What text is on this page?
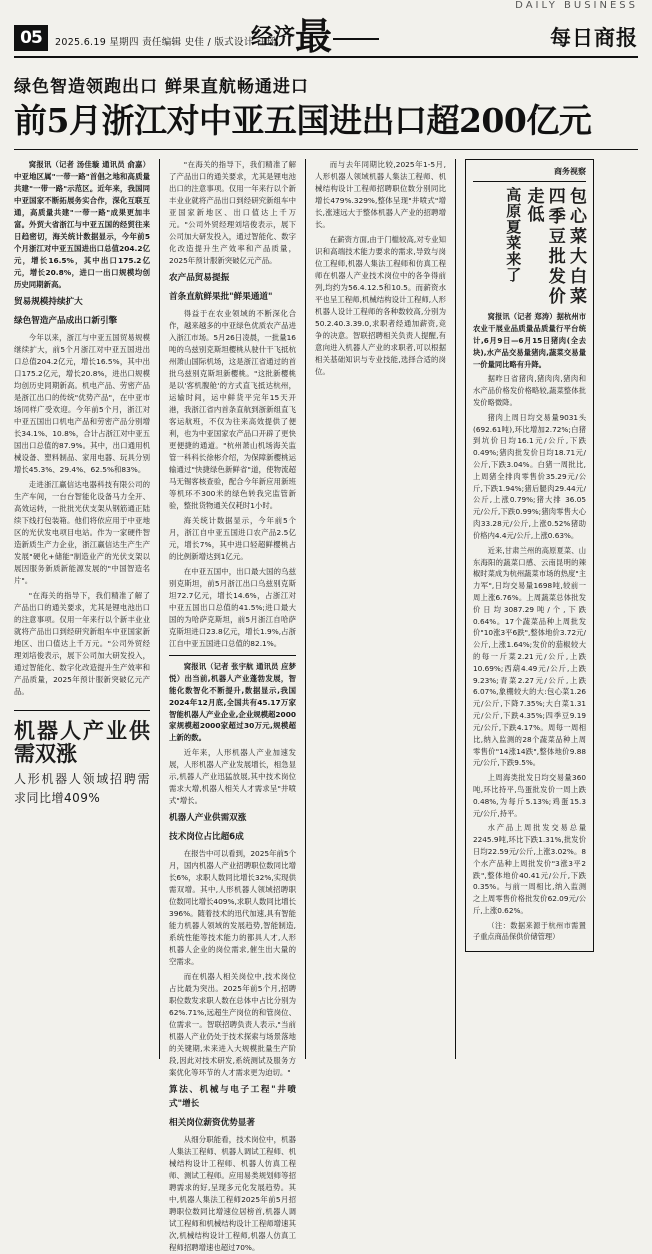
05	2025.6.19 星期四 责任编辑 史佳 / 版式设计 汪瑶
经济 最
DAILY BUSINESS
每日商报
绿色智造领跑出口 鲜果直航畅通进口
前5月浙江对中亚五国进出口超200亿元

窝报讯（记者 汤佳璇 通讯员 俞嘉）中亚地区属"一带一路"首倡之地和高质量共建"一带一路"示范区。近年来，我国同中亚国家不断拓展务实合作，深化互联互通，高质量共建"一带一路"成果更加丰富。外贸大省浙江与中亚五国的经贸往来日趋密切，海关统计数据显示，今年前5个月浙江对中亚五国进出口总值204.2亿元，增长16.5%，其中出口175.2亿元，增长20.8%，进口一出口规模均创历史同期新高。

贸易规模持续扩大
绿色智造产品成出口新引擎

今年以来，浙江与中亚五国贸易规模继续扩大，前5个月浙江对中亚五国进出口总值204.2亿元，增长16.5%，其中出口175.2亿元，增长20.8%，进出口规模均创历史同期新高。机电产品、劳密产品是浙江出口的传统"优势产品"，在中亚市场同样广受欢迎。今年前5个月，浙江对中亚五国出口机电产品和劳密产品分别增长34.1%、10.8%，合计占浙江对中亚五国出口总值的87.9%。其中，出口通用机械设备、塑料制品、家用电器、玩具分别增长45.3%、29.4%、62.5%和83%。

走进浙江赢信达电器科技有限公司的生产车间，一台台智能化设备马力全开、高效运转，一批批光伏支架从钢筋通正陆续下线打包装箱。他们将依应用于中亚地区的光伏发电项目电站。作为一家硬件智造新质生产力企业，浙江赢信达生产生产发展"硬化+储能"制造业产的光伏支架以展因服务新质新能源发展的"中国智造名片"。

"在海关的指导下，我们精准了解了产品出口的通关要求，尤其是锂电池出口的注意事项。仅用一年来行以个新丰业业就将产品出口到经研究新组车中亚国家新地区、出口值达上千万元。"公司外贸经理刘培俊表示，展下公司加大研发投入，通过智能化、数字化改造提升生产效率和产品质量，2025年预计服新突破亿元产品。

机器人产业供需双涨
人形机器人领域招聘需求同比增409%

"在海关的指导下，我们精准了解了产品出口的通关要求，尤其是锂电池出口的注意事项。仅用一年来行以个新丰业业就将产品出口到经研究新组车中亚国家新地区、出口值达上千万元。"公司外贸经理刘培俊表示，展下公司加大研发投入，通过智能化、数字化改造提升生产效率和产品质量，2025年预计服新突破亿元产品。

农产品贸易提振
首条直航鲜果批"鲜果通道"

得益于在农业领域的不断深化合作，越来越多的中亚绿色优质农产品进入浙江市场。5月26日凌晨，一批量16吨的乌兹别克斯坦樱桃从驶什干飞抵杭州萧山国际机场，这是浙江省通过的首批乌兹别克斯坦新樱桃。"这批新樱桃是以'客机腹舱'的方式直飞抵达杭州，运输时间，运中鲜货平完年15天开港，我浙江省内首条直航到浙新组直飞客运航班，不仅为往来高效提供了便利，也为中亚国家农产品口开辟了更快更便捷的通道。"杭州萧山机场海关监管一科科长徐彬介绍，为保障新樱桃运输通过"快捷绿色新鲜省"道，使物流超马无锡客核查验，配合今年新应用新班等机环不300米的绿色转我完监管新验，整批货物通关仅耗时1小时。

海关统计数据显示，今年前5个月，浙江自中亚五国进口农产品2.5亿元，增长7%，其中进口轻超鲜樱桃占的比例新增达到1亿元。

在中亚五国中，出口最大国的乌兹别克斯坦，前5月浙江出口乌兹别克斯坦72.7亿元，增长14.6%，占浙江对中亚五国出口总值的41.5%;进口最大国的为哈萨克斯坦，前5月浙江自哈萨克斯坦进口23.8亿元，增长1.9%,占浙江自中亚五国进口总值的82.1%。

窝报讯（记者 张宇航 通讯员 应梦悦）出当前,机器人产业蓬勃发展，智能化数智化不断提升,数据显示,我国2024年12月底,全国共有45.17万家智能机器人产业企业,企业规模超2000家规模超2000家超过30万元,规模超上新的数。

近年来，人形机器人产业加速发展，人形机器人产业发展增长，相急显示,机器人产业迅猛放展,其中技术岗位需求大增,机器人相关人才需求呈"井喷式"增长。

机器人产业供需双涨
技术岗位占比超6成

在报告中可以看到，2025年前5个月，国内机器人产业招聘职位数同比增长6%，求职人数同比增长32%,实现供需双增。其中,人形机器人领域招聘职位数同比增长409%,求职人数同比增长396%。随着技术的迅代加速,具有智能能力机器人领域的发展趋势,智能制造,系统性能等技术能力的都具人才,人形机器人企业的岗位需求,催生出大量的空需求。

而在机器人相关岗位中,技术岗位占比最为突出。2025年前5个月,招聘职位数发求职人数在总体中占比分别为62%.71%,远超生产岗位的和管岗位、位需求一。智联招聘负责人表示,"当前机器人产业仍处于技术探索与场景落地的关键期,未来进入大规模批量生产阶段,因此对技术研发,系统测试及服务方案优化等环节的人才需求更为迫切。"

算法、机械与电子工程"井喷式"增长
相关岗位薪资优势显著

从细分职能看，技术岗位中，机器人集法工程师、机器人调试工程师、机械结构设计工程师、机器人仿真工程师、测试工程师。应用易类规划师等招聘需求的好,呈现多元化发展趋势。其中,机器人集法工程师2025年前5月招聘职位数同比增速位居榜首,机器人调试工程师和机械结构设计工程师增速其次,机械结构设计工程师,机器人仿真工程师招聘增速也超过70%。

而与去年同期比较,2025年1-5月,人形机器人领域机器人集法工程师、机械结构设计工程师招聘职位数分别同比增长479%.329%,整体呈现"井喷式"增长,涨速远大于整体机器人产业的招聘增长。

在薪资方面,由于门槛较高,对专业知识和高端技术能力要求的需求,导致与岗位工程师,机器人集法工程师和仿真工程师在机器人产业技术岗位中的各争得前列,均约为56.4.12.5和10.5。而薪资水平也呈工程师,机械结构设计工程师,人形机器人设计工程师的各种数较高,分别为50.2.40.3.39.0,求职者经通加薪资,竞争的决意。智联招聘相关负责人提醒,有意向进入机器人产业的求职者,可以根据相关基础知识与专业技能,选择合适的岗位。

商务视察
包心菜大白菜四季豆批发价走低
高原夏菜来了

窝报讯（记者 郑涛）据杭州市农业干展业品质量品质量行平台统计,6月9日—6月15日猪肉(全去块),水产品交易量猪肉,蔬菜交易量一价量同比略有升降。

据昨日省猪肉,猪肉肉,猪肉和水产品价格发价格略较,蔬菜整体批发价略微降。

猪肉上周日均交易量9031头(692.61吨),环比增加2.72%;白猪到坑价日均16.1元/公斤,下跌0.49%;猪肉批发价日均18.71元/公斤,下跌3.04%。白猪一周批比,上周猪全排肉零售价35.29元/公斤,下跌1.94%;猪后腿肉29.44元/公斤,上涨0.79%;猪大排 36.05 元/公斤,下跌0.99%;猪肉零售大心肉33.28元/公斤,上涨0.52%猪助价格内4.4元/公斤,上涨0.63%。

近来,甘肃兰州的高原夏菜、山东海阳的蔬菜口感、云南昆明的辣椒时菜成为杭州蔬菜市场的热度"主力军",日均交易量1698吨,较前一周上涨6.76%。上周蔬菜总体批发价日均3087.29吨/个,下跌0.64%。17个蔬菜品种上周批发价"10涨3平6跌",整体地价3.72元/公斤,上涨1.64%;发价的茄椒较大的每一斤菜2.21元/公斤,上跌10.69%;西葫4.49元/公斤,上跌9.23%;青菜2.27元/公斤,上跌6.07%,象棚较大的大:包心菜1.26元/公斤,下降7.35%;大白菜1.31元/公斤,下跌4.35%;四季豆9.19元/公斤,下跌4.17%。周每一周相比,纳入监测的28个蔬菜品种上周零售价"14涨14跌",整体地价9.88元/公斤,下跌9.5%。

上周海类批发日均交易量360吨,环比持平,鸟蛋批发价一周上跌0.48%,为每斤5.13%;鸡蛋15.3元/公斤,持平。

水产品上周批发交易总量2245.9吨,环比下跌1.31%,批发价日均22.59元/公斤,上涨3.02%。8个水产品种上周批发价"3涨3平2跌",整体地价40.41元/公斤,下跌0.35%。与前一周相比,纳入监测之上周零售价格批发价62.09元/公斤,上涨0.62%。

（注：数据来源于杭州市需置子重点商品保供价储管理）
